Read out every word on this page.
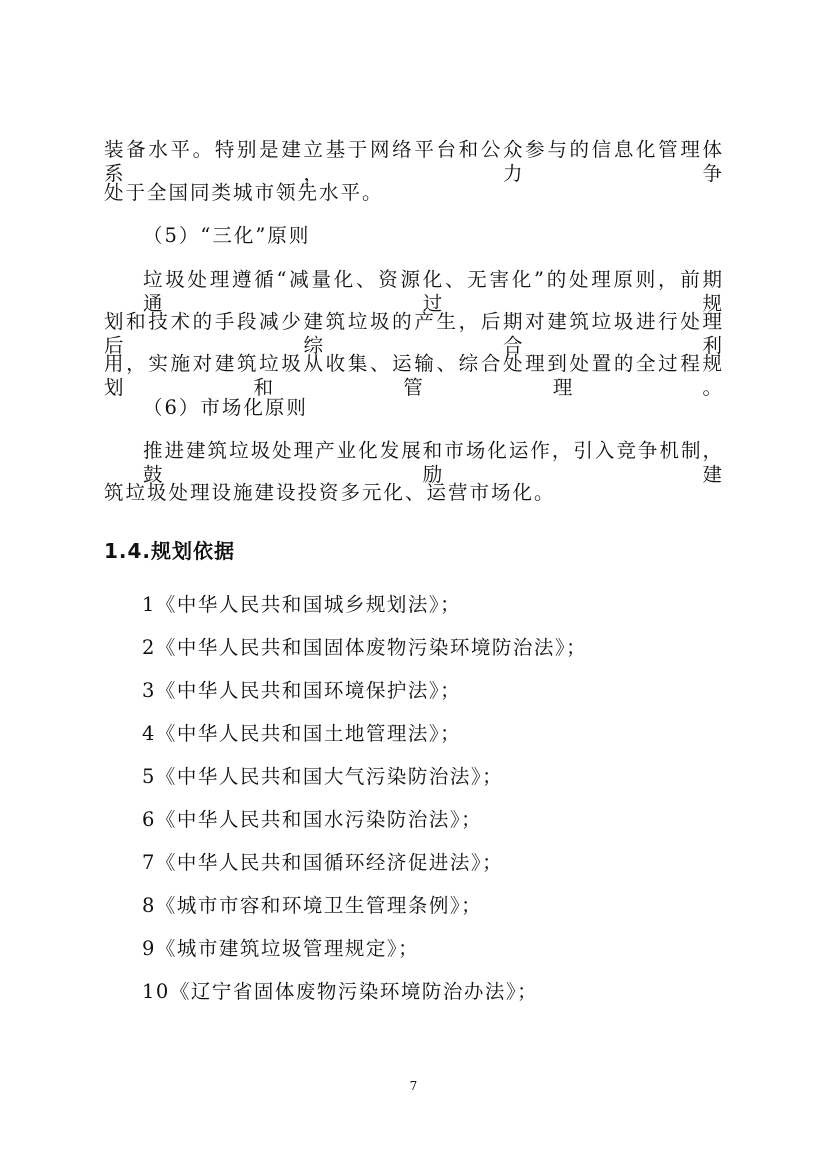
装备水平。特别是建立基于网络平台和公众参与的信息化管理体系，力争
处于全国同类城市领先水平。
（5）“三化”原则
垃圾处理遵循“减量化、资源化、无害化”的处理原则，前期通过规
划和技术的手段减少建筑垃圾的产生，后期对建筑垃圾进行处理后综合利
用，实施对建筑垃圾从收集、运输、综合处理到处置的全过程规划和管理。
（6）市场化原则
推进建筑垃圾处理产业化发展和市场化运作，引入竞争机制，鼓励建
筑垃圾处理设施建设投资多元化、运营市场化。
1.4.规划依据
1《中华人民共和国城乡规划法》；
2《中华人民共和国固体废物污染环境防治法》；
3《中华人民共和国环境保护法》；
4《中华人民共和国土地管理法》；
5《中华人民共和国大气污染防治法》；
6《中华人民共和国水污染防治法》；
7《中华人民共和国循环经济促进法》；
8《城市市容和环境卫生管理条例》；
9《城市建筑垃圾管理规定》；
10《辽宁省固体废物污染环境防治办法》；
7
